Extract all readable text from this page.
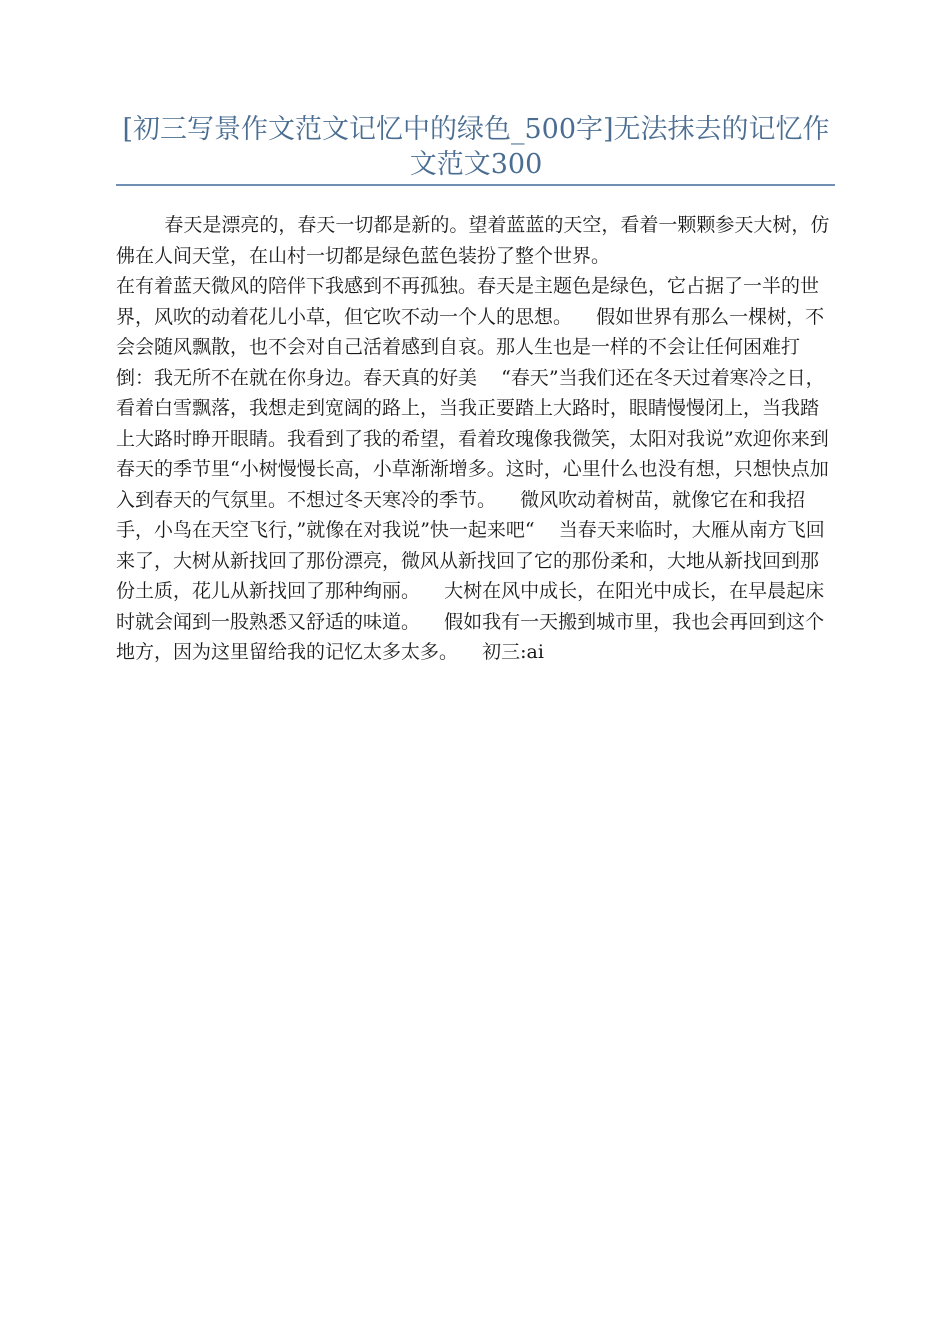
[初三写景作文范文记忆中的绿色_500字]无法抹去的记忆作文范文300

春天是漂亮的，春天一切都是新的。望着蓝蓝的天空，看着一颗颗参天大树，仿佛在人间天堂，在山村一切都是绿色蓝色装扮了整个世界。
在有着蓝天微风的陪伴下我感到不再孤独。春天是主题色是绿色，它占据了一半的世界，风吹的动着花儿小草，但它吹不动一个人的思想。    假如世界有那么一棵树，不会会随风飘散，也不会对自己活着感到自哀。那人生也是一样的不会让任何困难打倒：我无所不在就在你身边。春天真的好美    “春天”当我们还在冬天过着寒冷之日，看着白雪飘落，我想走到宽阔的路上，当我正要踏上大路时，眼睛慢慢闭上，当我踏上大路时睁开眼睛。我看到了我的希望，看着玫瑰像我微笑，太阳对我说”欢迎你来到春天的季节里“小树慢慢长高，小草渐渐增多。这时，心里什么也没有想，只想快点加入到春天的气氛里。不想过冬天寒冷的季节。    微风吹动着树苗，就像它在和我招手，小鸟在天空飞行，”就像在对我说”快一起来吧“    当春天来临时，大雁从南方飞回来了，大树从新找回了那份漂亮，微风从新找回了它的那份柔和，大地从新找回到那份土质，花儿从新找回了那种绚丽。    大树在风中成长，在阳光中成长，在早晨起床时就会闻到一股熟悉又舒适的味道。    假如我有一天搬到城市里，我也会再回到这个地方，因为这里留给我的记忆太多太多。    初三:ai
